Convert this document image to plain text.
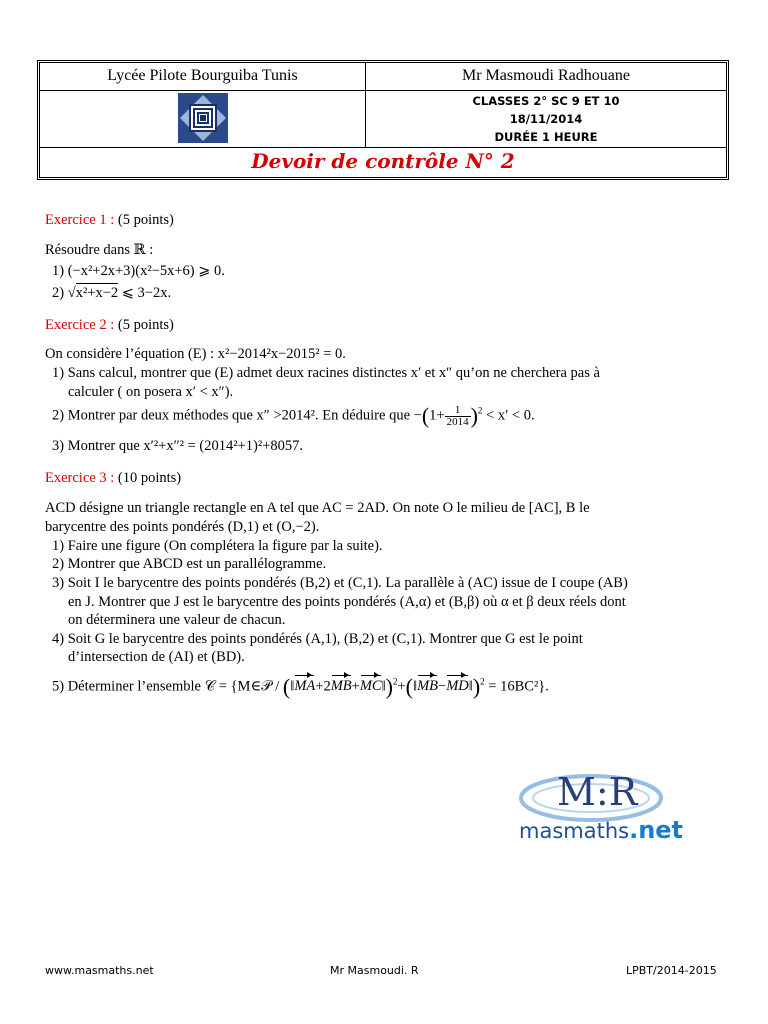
Lycée Pilote Bourguiba Tunis	Mr Masmoudi Radhouane
CLASSES 2° SC 9 ET 10
18/11/2014
DURÉE 1 HEURE
Devoir de contrôle N° 2
Exercice 1 : (5 points)
Résoudre dans ℝ :
1) (−x²+2x+3)(x²−5x+6) ⩾ 0.
2) √x²+x−2 ⩽ 3−2x.
Exercice 2 : (5 points)
On considère l’équation (E) : x²−2014²x−2015² = 0.
1) Sans calcul, montrer que (E) admet deux racines distinctes x′ et x″ qu’on ne cherchera pas à
calculer ( on posera x′ < x″).
2) Montrer par deux méthodes que x″ >2014². En déduire que $-(1+ \frac{1}{2014} )^2 < x' < 0$.
3) Montrer que x′²+x″² = (2014²+1)²+8057.
Exercice 3 : (10 points)
ACD désigne un triangle rectangle en A tel que AC = 2AD. On note O le milieu de [AC], B le
barycentre des points pondérés (D,1) et (O,−2).
1) Faire une figure (On complétera la figure par la suite).
2) Montrer que ABCD est un parallélogramme.
3) Soit I le barycentre des points pondérés (B,2) et (C,1). La parallèle à (AC) issue de I coupe (AB)
en J. Montrer que J est le barycentre des points pondérés (A,α) et (B,β) où α et β deux réels dont
on déterminera une valeur de chacun.
4) Soit G le barycentre des points pondérés (A,1), (B,2) et (C,1). Montrer que G est le point
d’intersection de (AI) et (BD).
5) Déterminer l’ensemble 𝒞 = {M∈𝒫 / (‖MA+2MB+MC‖)$^2$+(‖MB−MD‖)$^2$ = 16BC²}.
M:R
masmaths.net
www.masmaths.net	Mr Masmoudi. R	LPBT/2014-2015
